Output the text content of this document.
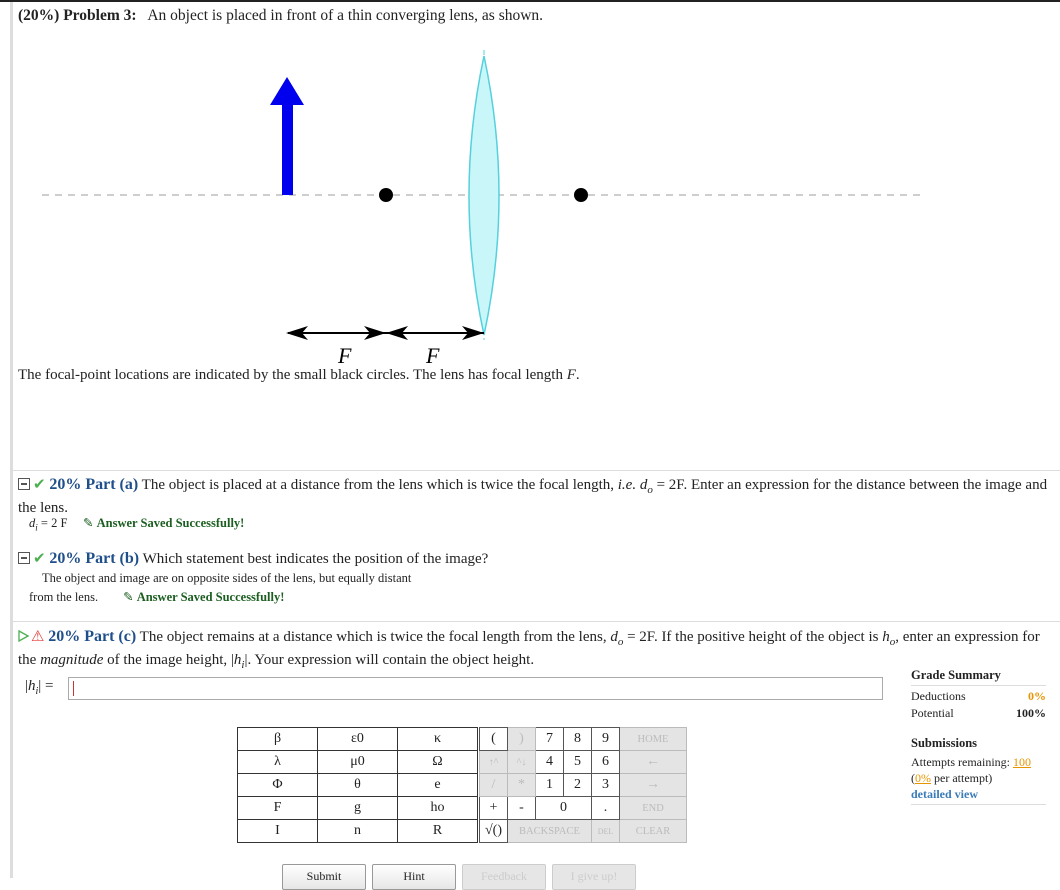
(20%) Problem 3: An object is placed in front of a thin converging lens, as shown.
F	F
The focal-point locations are indicated by the small black circles. The lens has focal length F.
✔ 20% Part (a) The object is placed at a distance from the lens which is twice the focal length, i.e. $d_o = 2F$. Enter an expression for the distance between the image and the lens.
$d_i = 2$ F ✎ Answer Saved Successfully!
✔ 20% Part (b) Which statement best indicates the position of the image?
The object and image are on opposite sides of the lens, but equally distant
from the lens. ✎ Answer Saved Successfully!
⚠ 20% Part (c) The object remains at a distance which is twice the focal length from the lens, $d_o = 2F$. If the positive height of the object is $h_o$, enter an expression for the magnitude of the image height, $|h_i|$. Your expression will contain the object height.
$|h_i|$ =
Grade Summary
Deductions	0%
Potential	100%
Submissions
Attempts remaining: 100
(0% per attempt)
detailed view
β	ε0	κ
λ	μ0	Ω
Φ	θ	e
F	g	ho
I	n	R
(	)	7	8	9	HOME
↑^	^↓	4	5	6	←
/	*	1	2	3	→
+	-	0		.	END
√()	BACKSPACE			DEL	CLEAR
Submit	Hint	Feedback	I give up!
